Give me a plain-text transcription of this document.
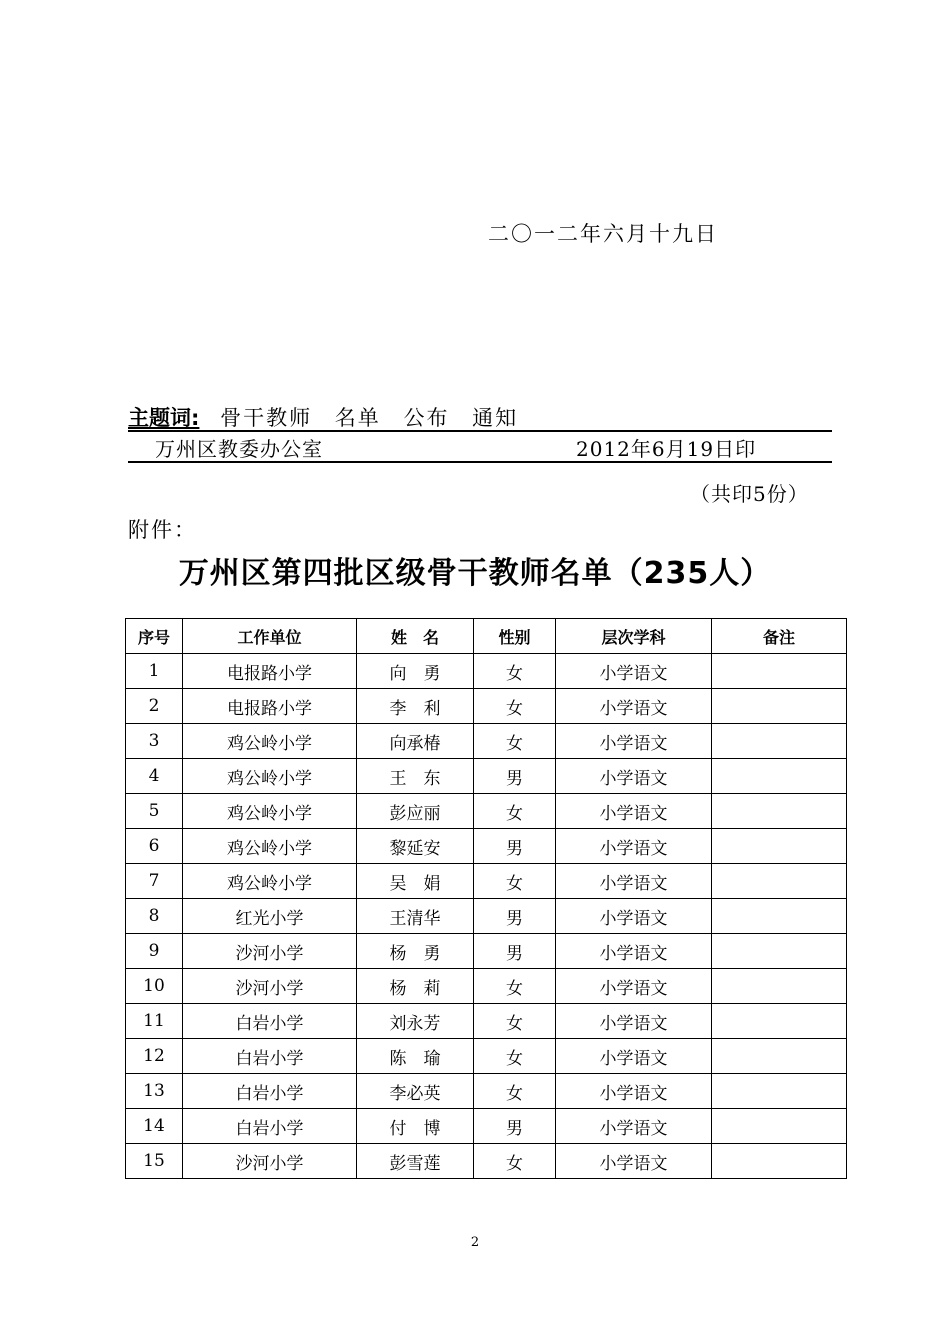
二〇一二年六月十九日
主题词: 骨干教师 名单 公布 通知
万州区教委办公室	2012年6月19日印
（共印5份）
附件：
万州区第四批区级骨干教师名单（235人）
序号	工作单位	姓　名	性别	层次学科	备注
1	电报路小学	向　勇	女	小学语文	
2	电报路小学	李　利	女	小学语文	
3	鸡公岭小学	向承椿	女	小学语文	
4	鸡公岭小学	王　东	男	小学语文	
5	鸡公岭小学	彭应丽	女	小学语文	
6	鸡公岭小学	黎延安	男	小学语文	
7	鸡公岭小学	吴　娟	女	小学语文	
8	红光小学	王清华	男	小学语文	
9	沙河小学	杨　勇	男	小学语文	
10	沙河小学	杨　莉	女	小学语文	
11	白岩小学	刘永芳	女	小学语文	
12	白岩小学	陈　瑜	女	小学语文	
13	白岩小学	李必英	女	小学语文	
14	白岩小学	付　博	男	小学语文	
15	沙河小学	彭雪莲	女	小学语文	
2
